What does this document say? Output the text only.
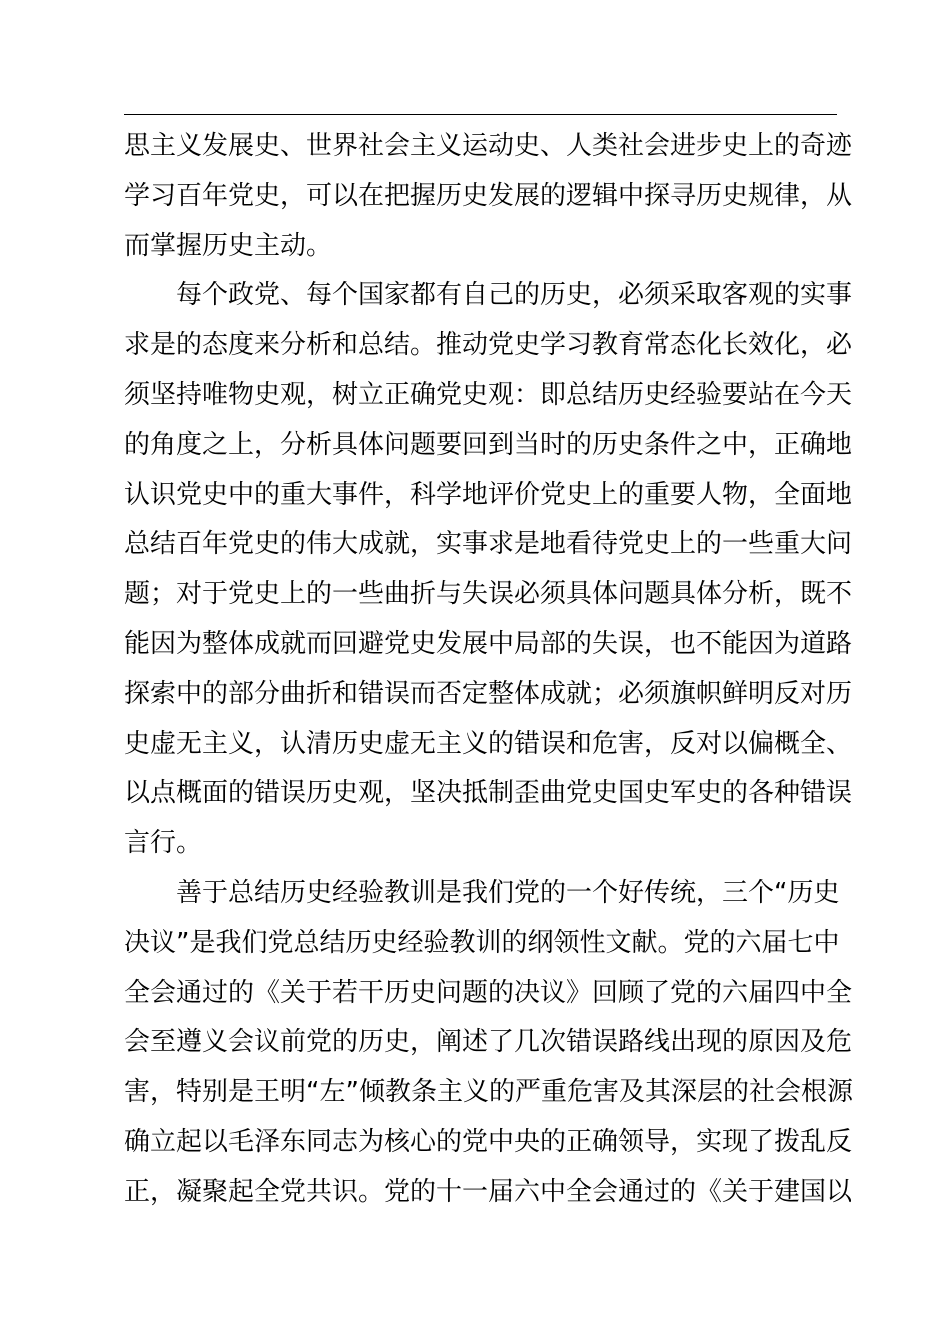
思主义发展史、世界社会主义运动史、人类社会进步史上的奇迹
学习百年党史，可以在把握历史发展的逻辑中探寻历史规律，从
而掌握历史主动。
每个政党、每个国家都有自己的历史，必须采取客观的实事
求是的态度来分析和总结。推动党史学习教育常态化长效化，必
须坚持唯物史观，树立正确党史观：即总结历史经验要站在今天
的角度之上，分析具体问题要回到当时的历史条件之中，正确地
认识党史中的重大事件，科学地评价党史上的重要人物，全面地
总结百年党史的伟大成就，实事求是地看待党史上的一些重大问
题；对于党史上的一些曲折与失误必须具体问题具体分析，既不
能因为整体成就而回避党史发展中局部的失误，也不能因为道路
探索中的部分曲折和错误而否定整体成就；必须旗帜鲜明反对历
史虚无主义，认清历史虚无主义的错误和危害，反对以偏概全、
以点概面的错误历史观，坚决抵制歪曲党史国史军史的各种错误
言行。
善于总结历史经验教训是我们党的一个好传统，三个“历史
决议”是我们党总结历史经验教训的纲领性文献。党的六届七中
全会通过的《关于若干历史问题的决议》回顾了党的六届四中全
会至遵义会议前党的历史，阐述了几次错误路线出现的原因及危
害，特别是王明“左”倾教条主义的严重危害及其深层的社会根源
确立起以毛泽东同志为核心的党中央的正确领导，实现了拨乱反
正，凝聚起全党共识。党的十一届六中全会通过的《关于建国以
